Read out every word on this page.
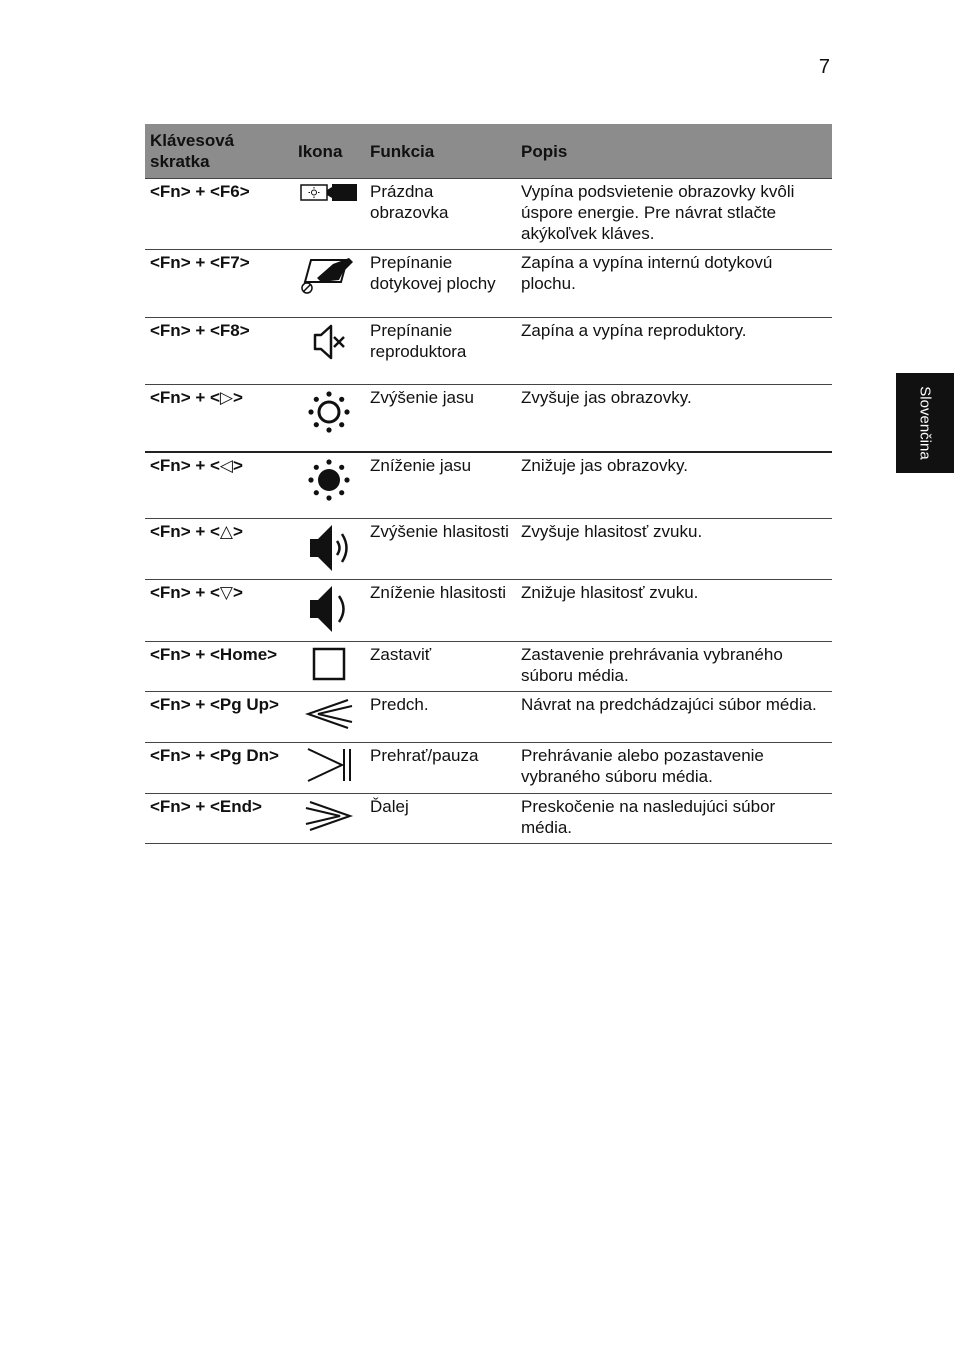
7
Slovenčina
Klávesová skratka	Ikona	Funkcia	Popis
<Fn> + <F6>		Prázdna obrazovka	Vypína podsvietenie obrazovky kvôli úspore energie. Pre návrat stlačte akýkoľvek kláves.
<Fn> + <F7>		Prepínanie dotykovej plochy	Zapína a vypína internú dotykovú plochu.
<Fn> + <F8>		Prepínanie reproduktora	Zapína a vypína reproduktory.
<Fn> + <▷>		Zvýšenie jasu	Zvyšuje jas obrazovky.
<Fn> + <◁>		Zníženie jasu	Znižuje jas obrazovky.
<Fn> + <△>		Zvýšenie hlasitosti	Zvyšuje hlasitosť zvuku.
<Fn> + <▽>		Zníženie hlasitosti	Znižuje hlasitosť zvuku.
<Fn> + <Home>		Zastaviť	Zastavenie prehrávania vybraného súboru média.
<Fn> + <Pg Up>		Predch.	Návrat na predchádzajúci súbor média.
<Fn> + <Pg Dn>		Prehrať/pauza	Prehrávanie alebo pozastavenie vybraného súboru média.
<Fn> + <End>		Ďalej	Preskočenie na nasledujúci súbor média.
